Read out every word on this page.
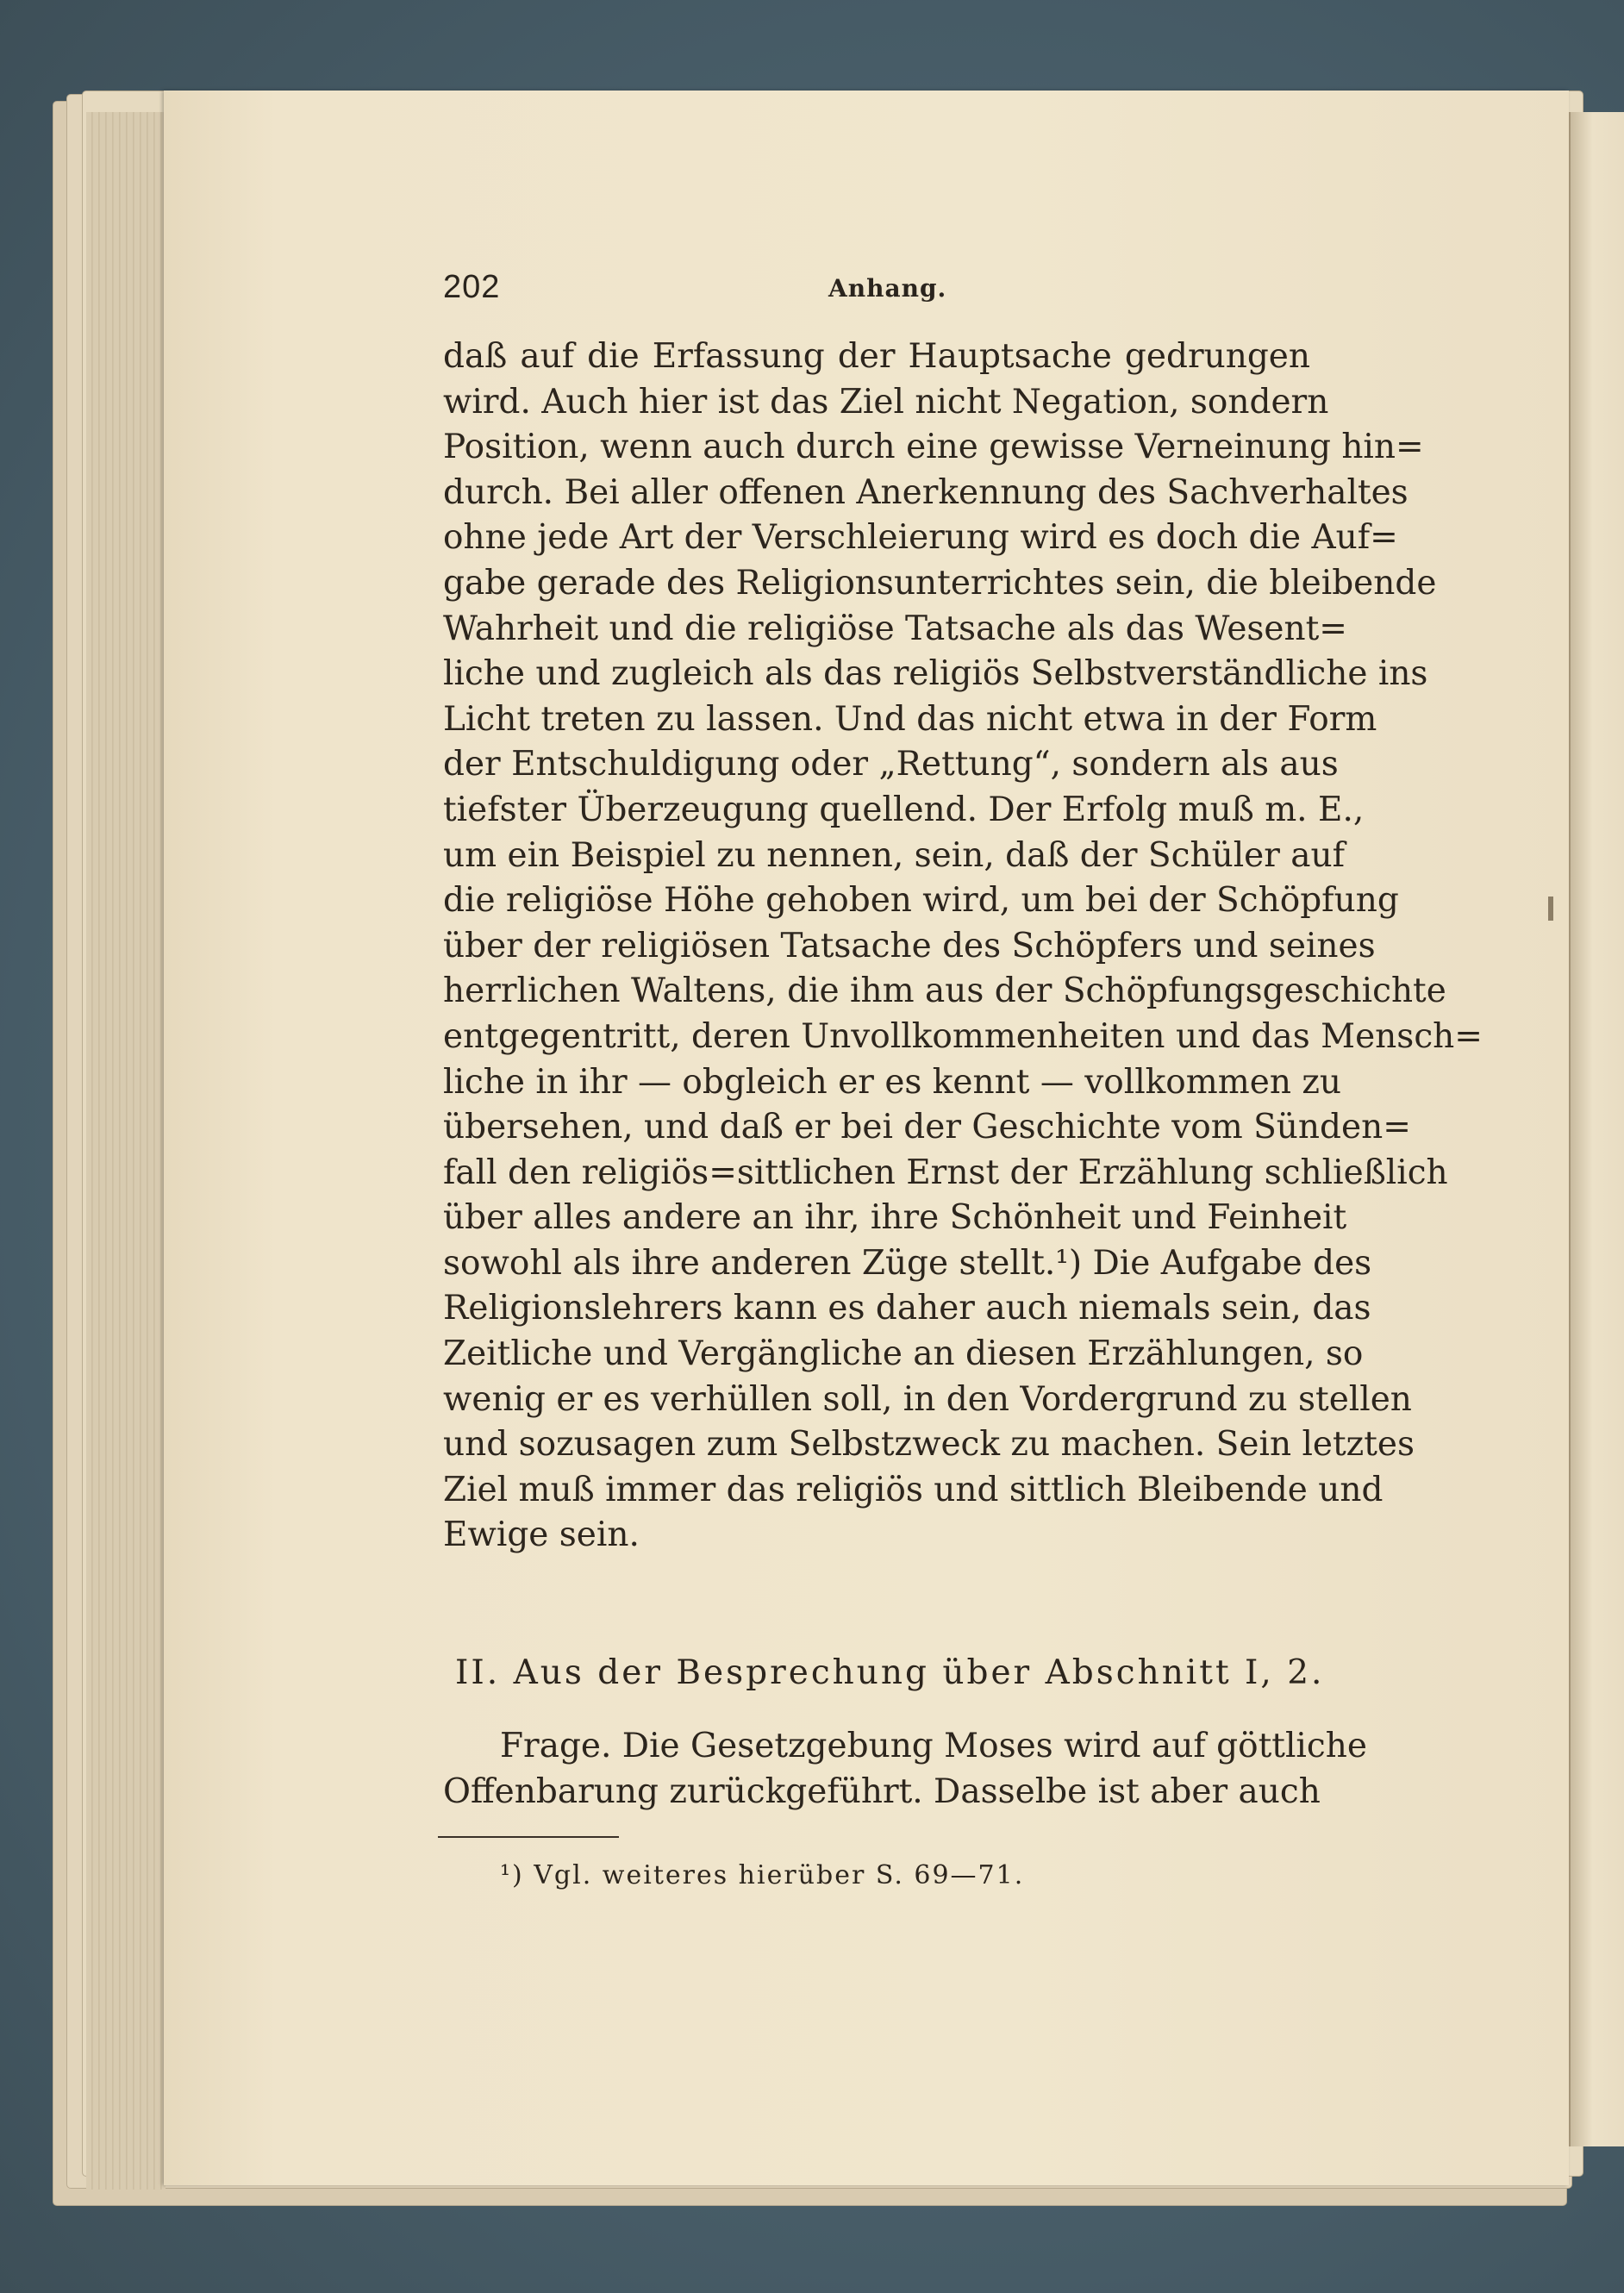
202	Anhang.
daß auf die Erfassung der Hauptsache gedrungen
wird. Auch hier ist das Ziel nicht Negation, sondern
Position, wenn auch durch eine gewisse Verneinung hin=
durch. Bei aller offenen Anerkennung des Sachverhaltes
ohne jede Art der Verschleierung wird es doch die Auf=
gabe gerade des Religionsunterrichtes sein, die bleibende
Wahrheit und die religiöse Tatsache als das Wesent=
liche und zugleich als das religiös Selbstverständliche ins
Licht treten zu lassen. Und das nicht etwa in der Form
der Entschuldigung oder „Rettung“, sondern als aus
tiefster Überzeugung quellend. Der Erfolg muß m. E.,
um ein Beispiel zu nennen, sein, daß der Schüler auf
die religiöse Höhe gehoben wird, um bei der Schöpfung
über der religiösen Tatsache des Schöpfers und seines
herrlichen Waltens, die ihm aus der Schöpfungsgeschichte
entgegentritt, deren Unvollkommenheiten und das Mensch=
liche in ihr — obgleich er es kennt — vollkommen zu
übersehen, und daß er bei der Geschichte vom Sünden=
fall den religiös=sittlichen Ernst der Erzählung schließlich
über alles andere an ihr, ihre Schönheit und Feinheit
sowohl als ihre anderen Züge stellt.¹) Die Aufgabe des
Religionslehrers kann es daher auch niemals sein, das
Zeitliche und Vergängliche an diesen Erzählungen, so
wenig er es verhüllen soll, in den Vordergrund zu stellen
und sozusagen zum Selbstzweck zu machen. Sein letztes
Ziel muß immer das religiös und sittlich Bleibende und
Ewige sein.
II. Aus der Besprechung über Abschnitt I, 2.
Frage. Die Gesetzgebung Moses wird auf göttliche
Offenbarung zurückgeführt. Dasselbe ist aber auch
¹) Vgl. weiteres hierüber S. 69—71.
